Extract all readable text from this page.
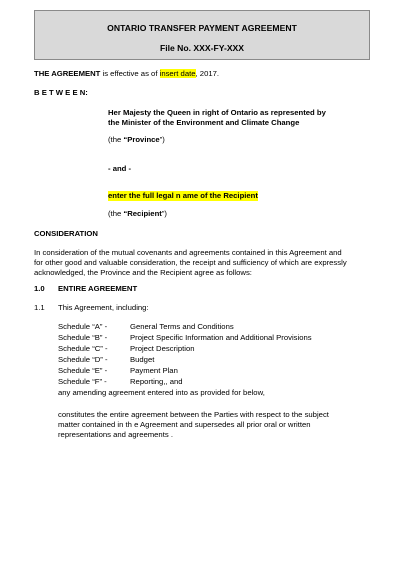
ONTARIO TRANSFER PAYMENT AGREEMENT
File No. XXX-FY-XXX
THE AGREEMENT is effective as of insert date, 2017.
B E T W E E N:
Her Majesty the Queen in right of Ontario as represented by
the Minister of the Environment and Climate Change
(the “Province”)
- and -
enter the full legal n ame of the Recipient
(the “Recipient”)
CONSIDERATION
In consideration of the mutual covenants and agreements contained in this Agreement and
for other good and valuable consideration, the receipt and sufficiency of which are expressly
acknowledged, the Province and the Recipient agree as follows:
1.0 ENTIRE AGREEMENT
1.1 This Agreement, including:
Schedule “A” -	General Terms and Conditions
Schedule “B” -	Project Specific Information and Additional Provisions
Schedule “C” -	Project Description
Schedule “D” -	Budget
Schedule “E” -	Payment Plan
Schedule “F” -	Reporting,, and
any amending agreement entered into as provided for below,
constitutes the entire agreement between the Parties with respect to the subject
matter contained in th e Agreement and supersedes all prior oral or written
representations and agreements .
